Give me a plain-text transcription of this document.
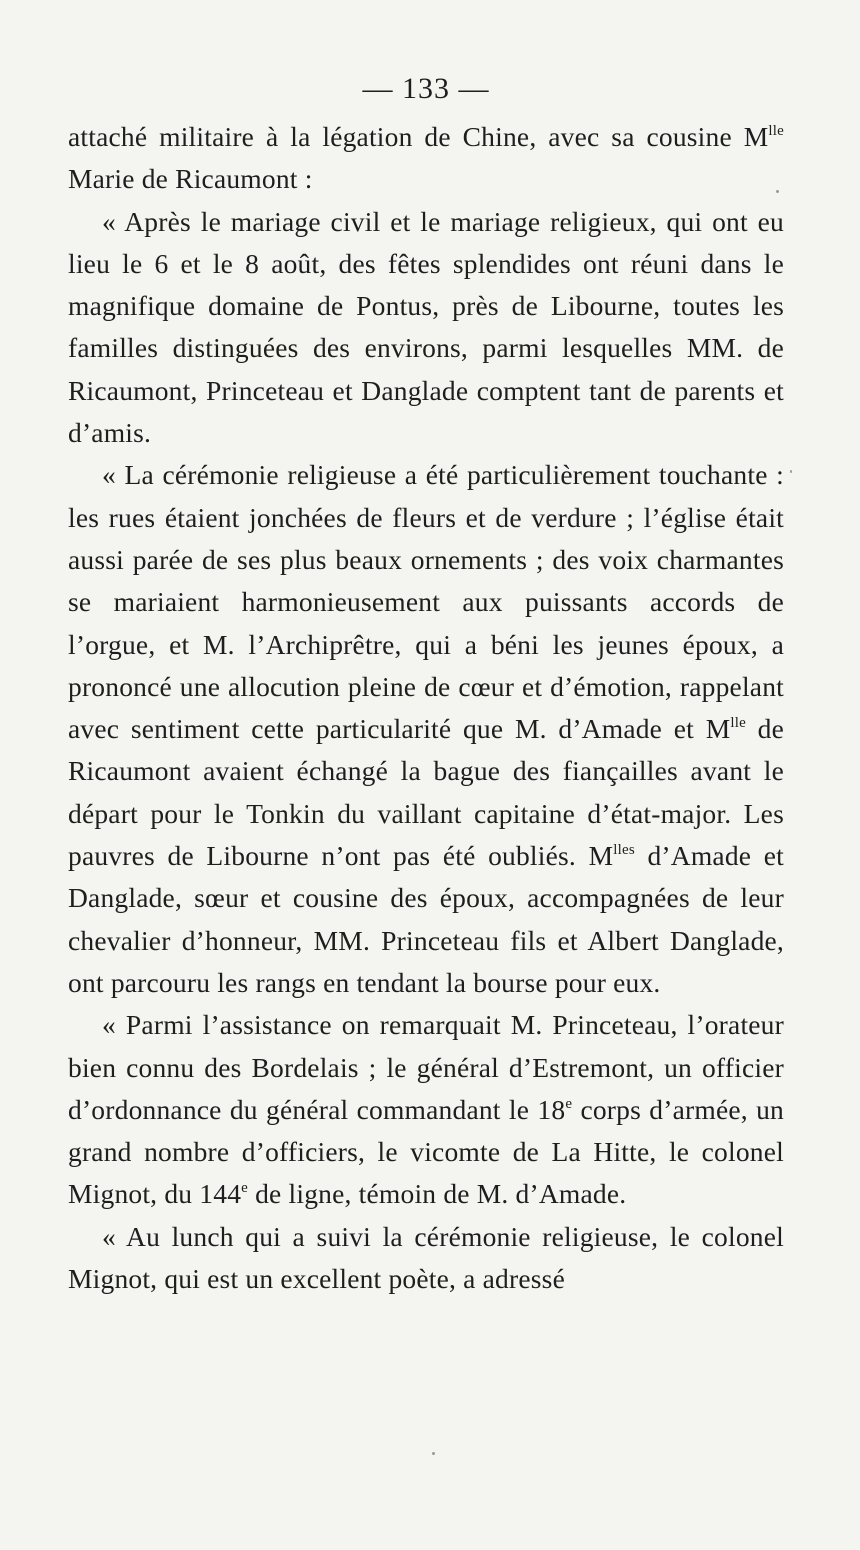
— 133 —

attaché militaire à la légation de Chine, avec sa cousine $M^{lle}$ Marie de Ricaumont :

« Après le mariage civil et le mariage religieux, qui ont eu lieu le 6 et le 8 août, des fêtes splendides ont réuni dans le magnifique domaine de Pontus, près de Libourne, toutes les familles distinguées des environs, parmi lesquelles MM. de Ricaumont, Princeteau et Danglade comptent tant de parents et d’amis.

« La cérémonie religieuse a été particulièrement touchante : les rues étaient jonchées de fleurs et de verdure ; l’église était aussi parée de ses plus beaux ornements ; des voix charmantes se mariaient harmonieusement aux puissants accords de l’orgue, et M. l’Archiprêtre, qui a béni les jeunes époux, a prononcé une allocution pleine de cœur et d’émotion, rappelant avec sentiment cette particularité que M. d’Amade et $M^{lle}$ de Ricaumont avaient échangé la bague des fiançailles avant le départ pour le Tonkin du vaillant capitaine d’état-major. Les pauvres de Libourne n’ont pas été oubliés. $M^{lles}$ d’Amade et Danglade, sœur et cousine des époux, accompagnées de leur chevalier d’honneur, MM. Princeteau fils et Albert Danglade, ont parcouru les rangs en tendant la bourse pour eux.

« Parmi l’assistance on remarquait M. Princeteau, l’orateur bien connu des Bordelais ; le général d’Estremont, un officier d’ordonnance du général commandant le 18e corps d’armée, un grand nombre d’officiers, le vicomte de La Hitte, le colonel Mignot, du 144e de ligne, témoin de M. d’Amade.

« Au lunch qui a suivi la cérémonie religieuse, le colonel Mignot, qui est un excellent poète, a adressé
